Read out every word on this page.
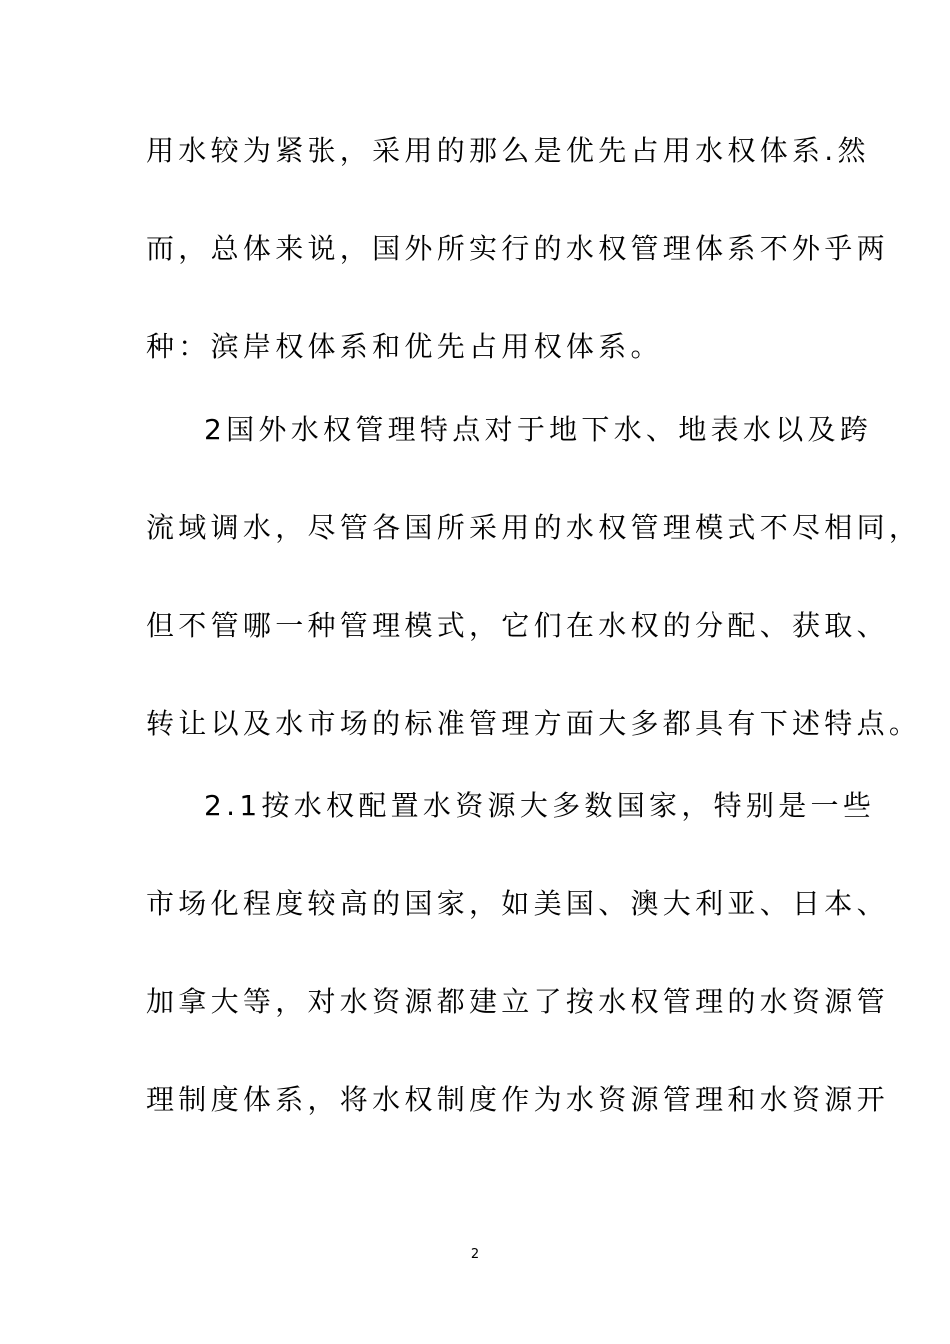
用水较为紧张，采用的那么是优先占用水权体系.然
而，总体来说，国外所实行的水权管理体系不外乎两
种：滨岸权体系和优先占用权体系。
2国外水权管理特点对于地下水、地表水以及跨
流域调水，尽管各国所采用的水权管理模式不尽相同，
但不管哪一种管理模式，它们在水权的分配、获取、
转让以及水市场的标准管理方面大多都具有下述特点。
2.1按水权配置水资源大多数国家，特别是一些
市场化程度较高的国家，如美国、澳大利亚、日本、
加拿大等，对水资源都建立了按水权管理的水资源管
理制度体系，将水权制度作为水资源管理和水资源开
2
